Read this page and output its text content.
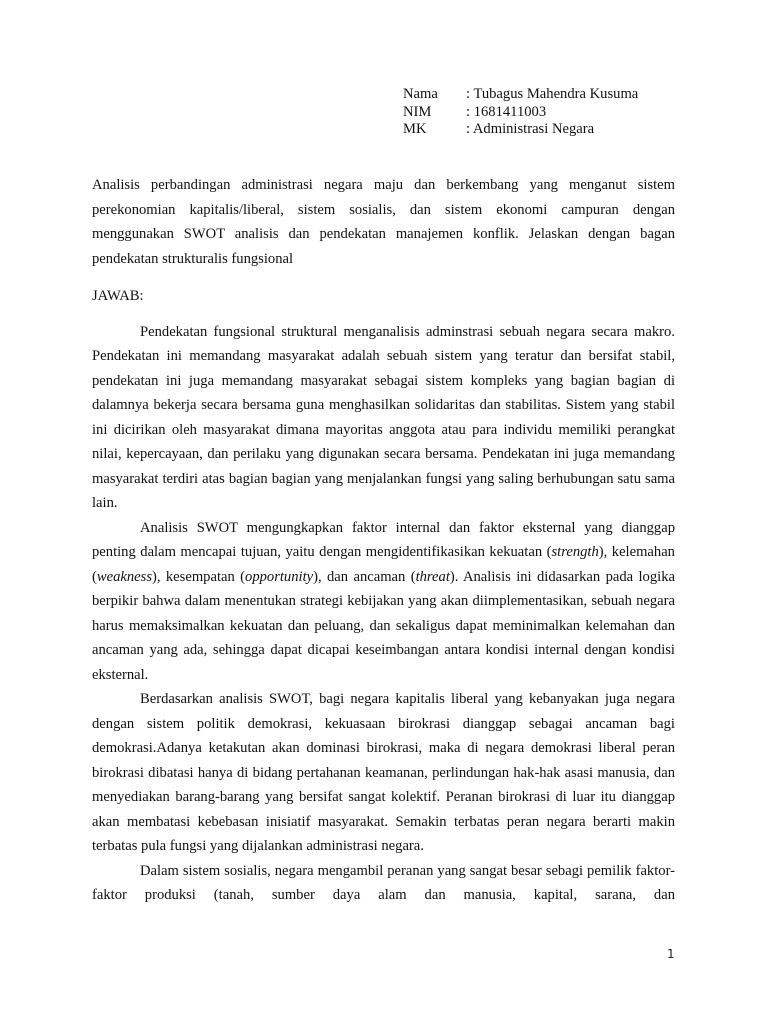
Nama	: Tubagus Mahendra Kusuma
NIM	: 1681411003
MK	: Administrasi Negara

Analisis perbandingan administrasi negara maju dan berkembang yang menganut sistem perekonomian kapitalis/liberal, sistem sosialis, dan sistem ekonomi campuran dengan menggunakan SWOT analisis dan pendekatan manajemen konflik. Jelaskan dengan bagan pendekatan strukturalis fungsional

JAWAB:

Pendekatan fungsional struktural menganalisis adminstrasi sebuah negara secara makro. Pendekatan ini memandang masyarakat adalah sebuah sistem yang teratur dan bersifat stabil, pendekatan ini juga memandang masyarakat sebagai sistem kompleks yang bagian bagian di dalamnya bekerja secara bersama guna menghasilkan solidaritas dan stabilitas. Sistem yang stabil ini dicirikan oleh masyarakat dimana mayoritas anggota atau para individu memiliki perangkat nilai, kepercayaan, dan perilaku yang digunakan secara bersama. Pendekatan ini juga memandang masyarakat terdiri atas bagian bagian yang menjalankan fungsi yang saling berhubungan satu sama lain.

Analisis SWOT mengungkapkan faktor internal dan faktor eksternal yang dianggap penting dalam mencapai tujuan, yaitu dengan mengidentifikasikan kekuatan (strength), kelemahan (weakness), kesempatan (opportunity), dan ancaman (threat). Analisis ini didasarkan pada logika berpikir bahwa dalam menentukan strategi kebijakan yang akan diimplementasikan, sebuah negara harus memaksimalkan kekuatan dan peluang, dan sekaligus dapat meminimalkan kelemahan dan ancaman yang ada, sehingga dapat dicapai keseimbangan antara kondisi internal dengan kondisi eksternal.

Berdasarkan analisis SWOT, bagi negara kapitalis liberal yang kebanyakan juga negara dengan sistem politik demokrasi, kekuasaan birokrasi dianggap sebagai ancaman bagi demokrasi.Adanya ketakutan akan dominasi birokrasi, maka di negara demokrasi liberal peran birokrasi dibatasi hanya di bidang pertahanan keamanan, perlindungan hak-hak asasi manusia, dan menyediakan barang-barang yang bersifat sangat kolektif. Peranan birokrasi di luar itu dianggap akan membatasi kebebasan inisiatif masyarakat. Semakin terbatas peran negara berarti makin terbatas pula fungsi yang dijalankan administrasi negara.

Dalam sistem sosialis, negara mengambil peranan yang sangat besar sebagi pemilik faktor-faktor produksi (tanah, sumber daya alam dan manusia, kapital, sarana, dan

1
